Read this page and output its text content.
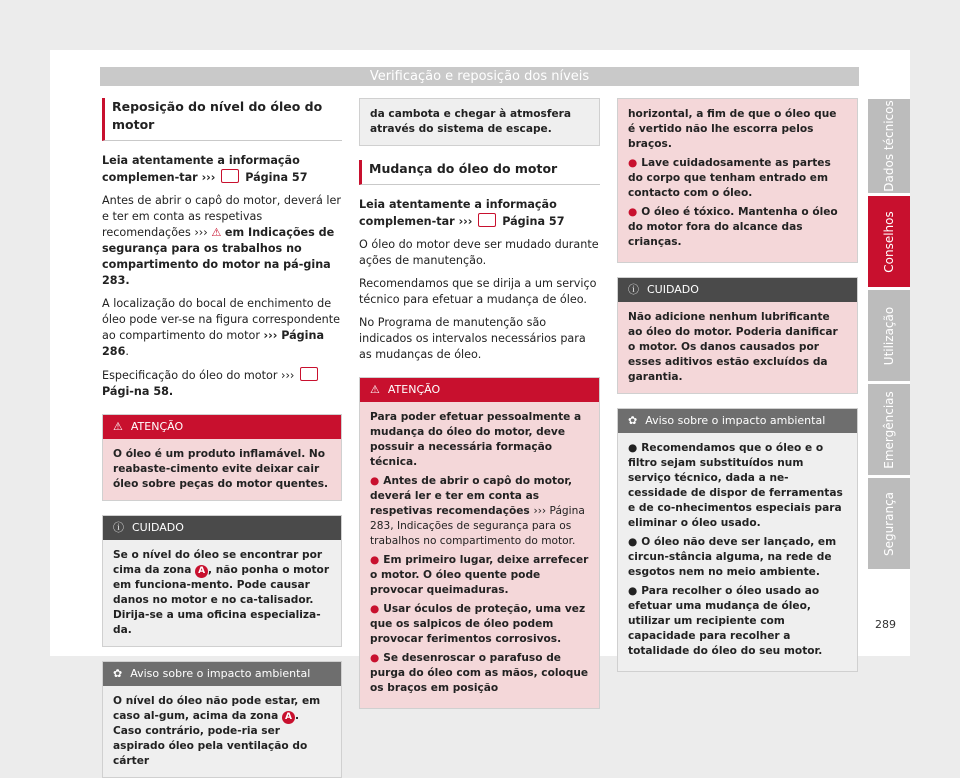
Verificação e reposição dos níveis
Reposição do nível do óleo do motor

Leia atentamente a informação complemen-tar ›››	Página 57

Antes de abrir o capô do motor, deverá ler e ter em conta as respetivas recomendações ››› ⚠ em Indicações de segurança para os trabalhos no compartimento do motor na pá-gina 283.

A localização do bocal de enchimento de óleo pode ver-se na figura correspondente ao compartimento do motor ››› Página 286.

Especificação do óleo do motor ›››  Pági-na 58.

⚠ ATENÇÃO
O óleo é um produto inflamável. No reabaste-cimento evite deixar cair óleo sobre peças do motor quentes.
ⓘ CUIDADO
Se o nível do óleo se encontrar por cima da zona A , não ponha o motor em funciona-mento. Pode causar danos no motor e no ca-talisador. Dirija-se a uma oficina especializa-da.
✿ Aviso sobre o impacto ambiental
O nível do óleo não pode estar, em caso al-gum, acima da zona A . Caso contrário, pode-ria ser aspirado óleo pela ventilação do cárter
da cambota e chegar à atmosfera através do sistema de escape.
Mudança do óleo do motor

Leia atentamente a informação complemen-tar ›››	Página 57

O óleo do motor deve ser mudado durante ações de manutenção.

Recomendamos que se dirija a um serviço técnico para efetuar a mudança de óleo.

No Programa de manutenção são indicados os intervalos necessários para as mudanças de óleo.

⚠ ATENÇÃO

Para poder efetuar pessoalmente a mudança do óleo do motor, deve possuir a necessária formação técnica.

● Antes de abrir o capô do motor, deverá ler e ter em conta as respetivas recomendações ››› Página 283, Indicações de segurança para os trabalhos no compartimento do motor.

● Em primeiro lugar, deixe arrefecer o motor. O óleo quente pode provocar queimaduras.

● Usar óculos de proteção, uma vez que os salpicos de óleo podem provocar ferimentos corrosivos.

● Se desenroscar o parafuso de purga do óleo com as mãos, coloque os braços em posição

horizontal, a fim de que o óleo que é vertido não lhe escorra pelos braços.

● Lave cuidadosamente as partes do corpo que tenham entrado em contacto com o óleo.

● O óleo é tóxico. Mantenha o óleo do motor fora do alcance das crianças.

ⓘ CUIDADO
Não adicione nenhum lubrificante ao óleo do motor. Poderia danificar o motor. Os danos causados por esses aditivos estão excluídos da garantia.
✿ Aviso sobre o impacto ambiental

● Recomendamos que o óleo e o filtro sejam substituídos num serviço técnico, dada a ne-cessidade de dispor de ferramentas e de co-nhecimentos especiais para eliminar o óleo usado.

● O óleo não deve ser lançado, em circun-stância alguma, na rede de esgotos nem no meio ambiente.

● Para recolher o óleo usado ao efetuar uma mudança de óleo, utilizar um recipiente com capacidade para recolher a totalidade do óleo do seu motor.

Dados técnicos
Conselhos
Utilização
Emergências
Segurança
289
